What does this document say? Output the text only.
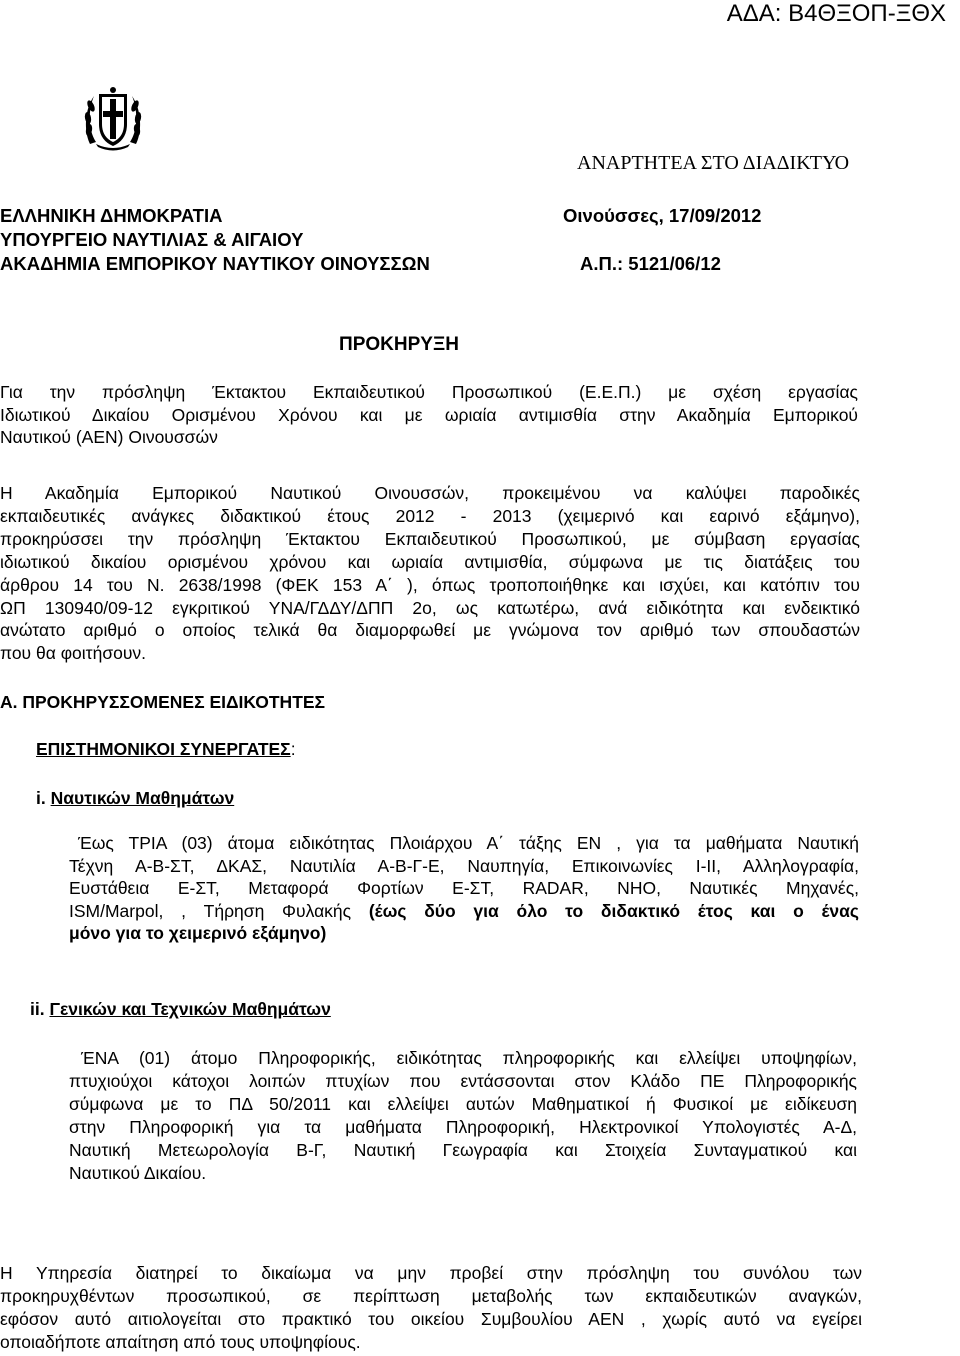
ΑΔΑ: Β4ΘΞΟΠ-ΞΘΧ

ΑΝΑΡΤΗΤΕΑ ΣΤΟ ΔΙΑΔΙΚΤΥΟ

ΕΛΛΗΝΙΚΗ ΔΗΜΟΚΡΑΤΙΑ

ΥΠΟΥΡΓΕΙΟ ΝΑΥΤΙΛΙΑΣ & ΑΙΓΑΙΟΥ

ΑΚΑΔΗΜΙΑ ΕΜΠΟΡΙΚΟΥ ΝΑΥΤΙΚΟΥ ΟΙΝΟΥΣΣΩΝ

Οινούσσες, 17/09/2012

Α.Π.: 5121/06/12

ΠΡΟΚΗΡΥΞΗ

Για την πρόσληψη Έκτακτου Εκπαιδευτικού Προσωπικού (Ε.Ε.Π.) με σχέση εργασίας
Ιδιωτικού Δικαίου Ορισμένου Χρόνου και με ωριαία αντιμισθία στην Ακαδημία Εμπορικού
Ναυτικού (ΑΕΝ) Οινουσσών
Η Ακαδημία Εμπορικού Ναυτικού Οινουσσών, προκειμένου να καλύψει παροδικές
εκπαιδευτικές ανάγκες διδακτικού έτους 2012 - 2013 (χειμερινό και εαρινό εξάμηνο),
προκηρύσσει την πρόσληψη Έκτακτου Εκπαιδευτικού Προσωπικού, με σύμβαση εργασίας
ιδιωτικού δικαίου ορισμένου χρόνου και ωριαία αντιμισθία, σύμφωνα με τις διατάξεις του
άρθρου 14 του Ν. 2638/1998 (ΦΕΚ 153 Α΄ ), όπως τροποποιήθηκε και ισχύει, και κατόπιν του
ΩΠ 130940/09-12 εγκριτικού ΥΝΑ/ΓΔΔΥ/ΔΠΠ 2ο, ως κατωτέρω, ανά ειδικότητα και ενδεικτικό
ανώτατο αριθμό ο οποίος τελικά θα διαμορφωθεί με γνώμονα τον αριθμό των σπουδαστών
που θα φοιτήσουν.

Α. ΠΡΟΚΗΡΥΣΣΟΜΕΝΕΣ ΕΙΔΙΚΟΤΗΤΕΣ

ΕΠΙΣΤΗΜΟΝΙΚΟΙ ΣΥΝΕΡΓΑΤΕΣ:

i. Ναυτικών Μαθημάτων

Έως ΤΡΙΑ (03) άτομα ειδικότητας Πλοιάρχου Α΄ τάξης ΕΝ , για τα μαθήματα Ναυτική
Τέχνη Α-Β-ΣΤ, ΔΚΑΣ, Ναυτιλία Α-Β-Γ-Ε, Ναυπηγία, Επικοινωνίες Ι-ΙΙ, Αλληλογραφία,
Ευστάθεια Ε-ΣΤ, Μεταφορά Φορτίων Ε-ΣΤ, RADAR, ΝΗΟ, Ναυτικές Μηχανές,
ISM/Marpol, , Τήρηση Φυλακής (έως δύο για όλο το διδακτικό έτος και ο ένας
μόνο για το χειμερινό εξάμηνο)

ii. Γενικών και Τεχνικών Μαθημάτων

ΈΝΑ (01) άτομο Πληροφορικής, ειδικότητας πληροφορικής και ελλείψει υποψηφίων,
πτυχιούχοι κάτοχοι λοιπών πτυχίων που εντάσσονται στον Κλάδο ΠΕ Πληροφορικής
σύμφωνα με το ΠΔ 50/2011 και ελλείψει αυτών Μαθηματικοί ή Φυσικοί με ειδίκευση
στην Πληροφορική για τα μαθήματα Πληροφορική, Ηλεκτρονικοί Υπολογιστές Α-Δ,
Ναυτική Μετεωρολογία Β-Γ, Ναυτική Γεωγραφία και Στοιχεία Συνταγματικού και
Ναυτικού Δικαίου.
Η Υπηρεσία διατηρεί το δικαίωμα να μην προβεί στην πρόσληψη του συνόλου των
προκηρυχθέντων προσωπικού, σε περίπτωση μεταβολής των εκπαιδευτικών αναγκών,
εφόσον αυτό αιτιολογείται στο πρακτικό του οικείου Συμβουλίου ΑΕΝ , χωρίς αυτό να εγείρει
οποιαδήποτε απαίτηση από τους υποψηφίους.
